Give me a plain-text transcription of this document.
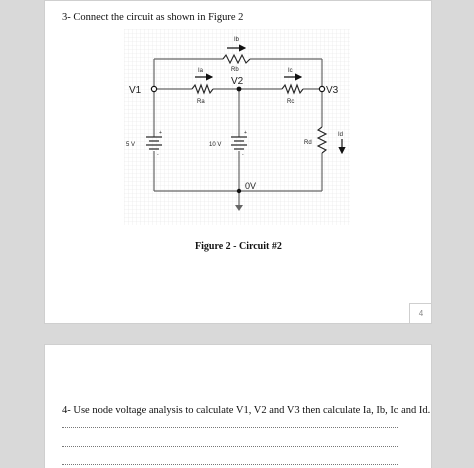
3- Connect the circuit as shown in Figure 2
Ib
Rb
Ia
Ra
V2
Ic
Rc
V1	V3
5 V	10 V	Rd
Id
0V
+
-
+
-
Figure 2 - Circuit #2
4
4- Use node voltage analysis to calculate V1, V2 and V3 then calculate Ia, Ib, Ic and Id.
